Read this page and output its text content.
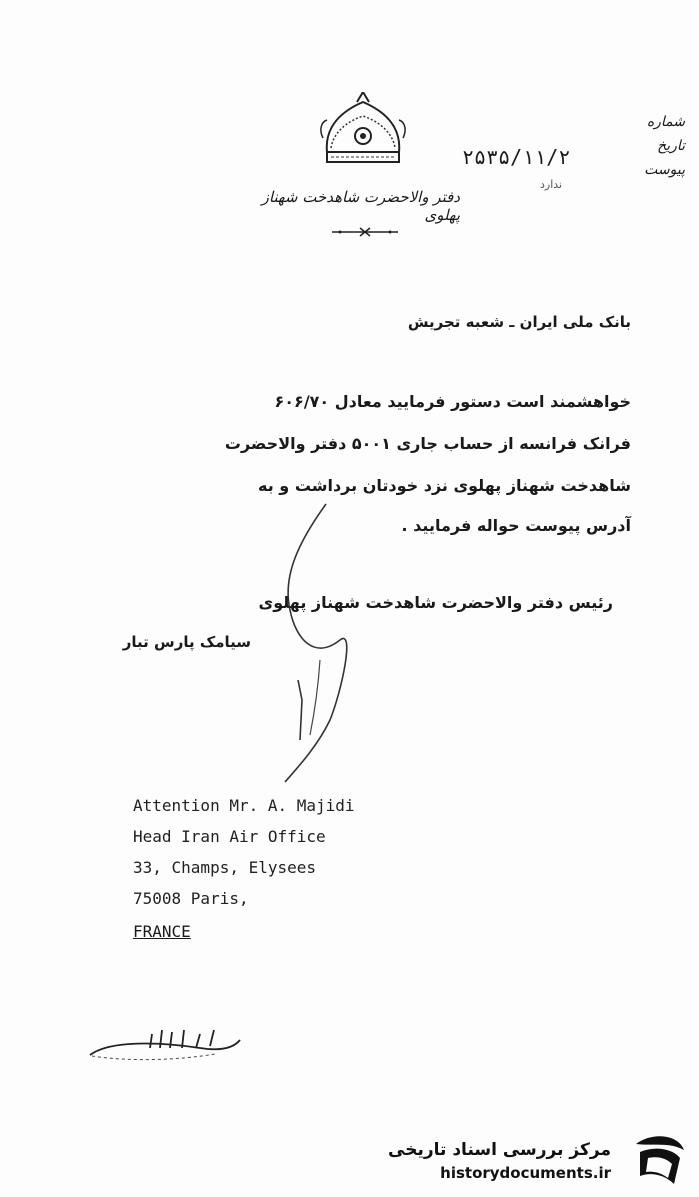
دفتر والاحضرت شاهدخت شهناز پهلوی
شماره
تاریخ
پیوست
۲۵۳۵/۱۱/۲
ندارد
بانک ملی ایران ـ شعبه تجریش
خواهشمند است دستور فرمایید معادل ۶۰۶/۷۰
فرانک فرانسه از حساب جاری ۵۰۰۱ دفتر والاحضرت
شاهدخت شهناز پهلوی نزد خودتان برداشت و به
آدرس پیوست حواله فرمایید .
رئیس دفتر والاحضرت شاهدخت شهناز پهلوی
سیامک پارس تبار
Attention Mr. A. Majidi
Head Iran Air Office
33, Champs, Elysees
75008 Paris,
FRANCE
مرکز بررسی اسناد تاریخی
historydocuments.ir
